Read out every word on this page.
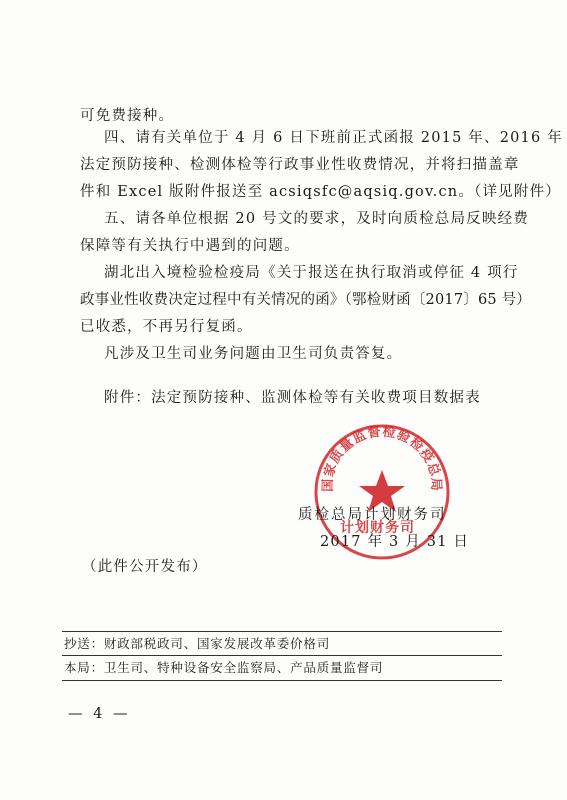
可免费接种。
四、请有关单位于 4 月 6 日下班前正式函报 2015 年、2016 年
法定预防接种、检测体检等行政事业性收费情况，并将扫描盖章
件和 Excel 版附件报送至 acsiqsfc@aqsiq.gov.cn。（详见附件）
五、请各单位根据 20 号文的要求，及时向质检总局反映经费
保障等有关执行中遇到的问题。
湖北出入境检验检疫局《关于报送在执行取消或停征 4 项行
政事业性收费决定过程中有关情况的函》（鄂检财函〔2017〕65 号）
已收悉，不再另行复函。
凡涉及卫生司业务问题由卫生司负责答复。
附件：法定预防接种、监测体检等有关收费项目数据表
国家质量监督检验检疫总局
质检总局计划财务司
计划财务司
2017 年 3 月 31 日
（此件公开发布）
抄送：财政部税政司、国家发展改革委价格司
本局：卫生司、特种设备安全监察局、产品质量监督司
— 4 —
